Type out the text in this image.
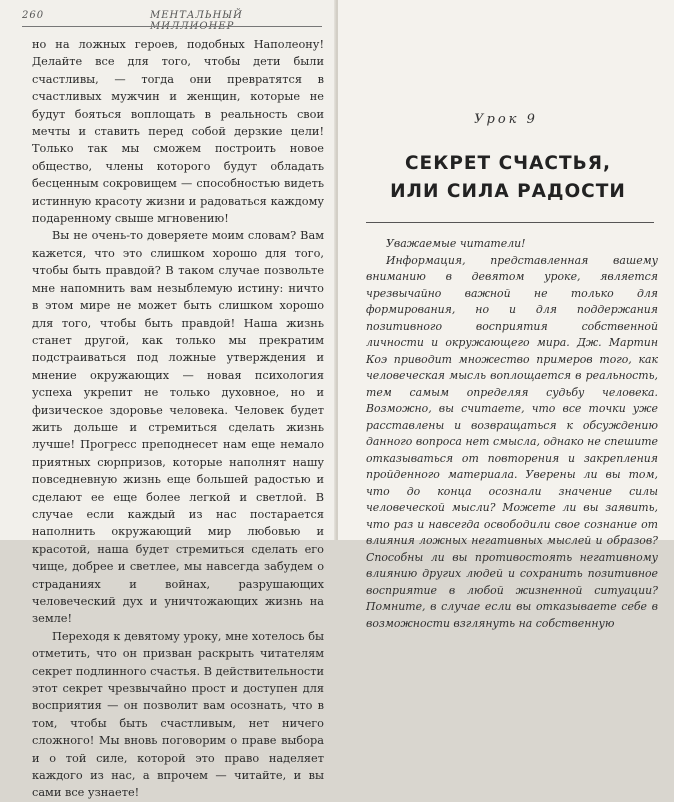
260	МЕНТАЛЬНЫЙ

но на ложных героев, подобных Наполеону! Делайте все для того, чтобы дети были счастливы, — тогда они превратятся в счастливых мужчин и женщин, которые не будут бояться воплощать в реальность свои мечты и ставить перед собой дерзкие цели! Только так мы сможем построить новое общество, члены которого будут обладать бесценным сокровищем — способностью видеть истинную красоту жизни и радоваться каждому подаренному свыше мгновению!

Вы не очень-то доверяете моим словам? Вам кажется, что это слишком хорошо для того, чтобы быть правдой? В таком случае позвольте мне напомнить вам незыблемую истину: ничто в этом мире не может быть слишком хорошо для того, чтобы быть правдой! Наша жизнь станет другой, как только мы прекратим подстраиваться под ложные утверждения и мнение окружающих — новая психология успеха укрепит не только духовное, но и физическое здоровье человека. Человек будет жить дольше и стремиться сделать жизнь лучше! Прогресс преподнесет нам еще немало приятных сюрпризов, которые наполнят нашу повседневную жизнь еще большей радостью и сделают ее еще более легкой и светлой. В случае если каждый из нас постарается наполнить окружающий мир любовью и красотой, наша будет стремиться сделать его чище, добрее и светлее, мы навсегда забудем о страданиях и войнах, разрушающих человеческий дух и уничтожающих жизнь на земле!

Переходя к девятому уроку, мне хотелось бы отметить, что он призван раскрыть читателям секрет подлинного счастья. В действительности этот секрет чрезвычайно прост и доступен для восприятия — он позволит вам осознать, что в том, чтобы быть счастливым, нет ничего сложного! Мы вновь поговорим о праве выбора и о той силе, которой это право наделяет каждого из нас, а впрочем — читайте, и вы сами все узнаете!

Урок 9
СЕКРЕТ СЧАСТЬЯ,
ИЛИ СИЛА РАДОСТИ

Уважаемые читатели!

Информация, представленная вашему вниманию в девятом уроке, является чрезвычайно важной не только для формирования, но и для поддержания позитивного восприятия собственной личности и окружающего мира. Дж. Мартин Коэ приводит множество примеров того, как человеческая мысль воплощается в реальность, тем самым определяя судьбу человека. Возможно, вы считаете, что все точки уже расставлены и возвращаться к обсуждению данного вопроса нет смысла, однако не спешите отказываться от повторения и закрепления пройденного материала. Уверены ли вы том, что до конца осознали значение силы человеческой мысли? Можете ли вы заявить, что раз и навсегда освободили свое сознание от влияния ложных негативных мыслей и образов? Способны ли вы противостоять негативному влиянию других людей и сохранить позитивное восприятие в любой жизненной ситуации? Помните, в случае если вы отказываете себе в возможности взглянуть на собственную
